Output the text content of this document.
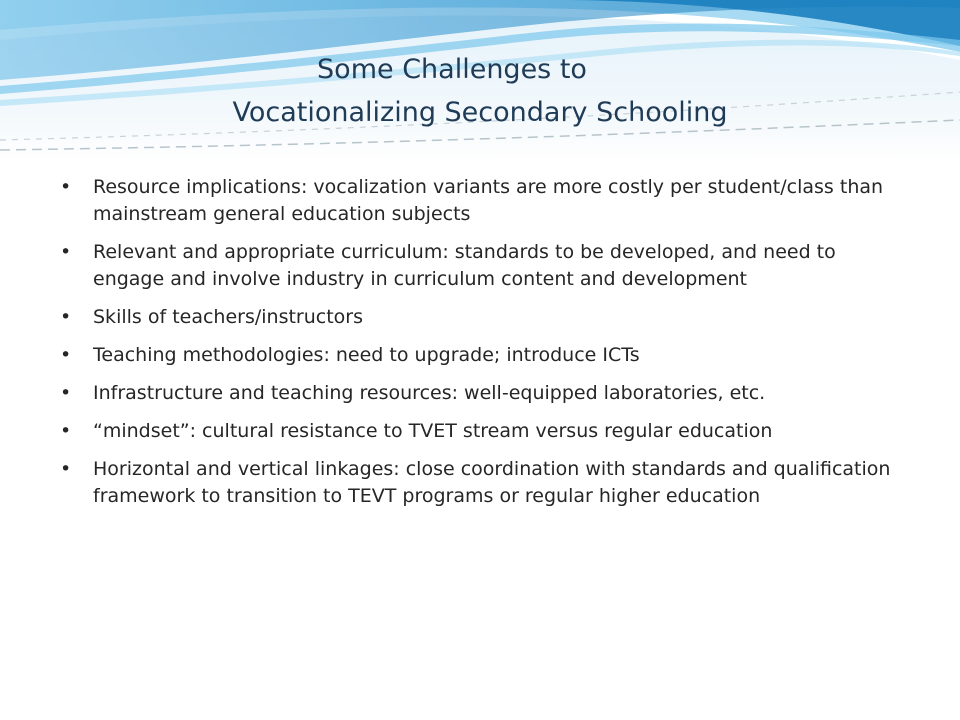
Some Challenges to
Vocationalizing Secondary Schooling
•	Resource implications: vocalization variants are more costly per student/class than mainstream general education subjects
•	Relevant and appropriate curriculum: standards to be developed, and need to engage and involve industry in curriculum content and development
•	Skills of teachers/instructors
•	Teaching methodologies: need to upgrade; introduce ICTs
•	Infrastructure and teaching resources: well-equipped laboratories, etc.
•	“mindset”: cultural resistance to TVET stream versus regular education
•	Horizontal and vertical linkages: close coordination with standards and qualification framework to transition to TEVT programs or regular higher education
